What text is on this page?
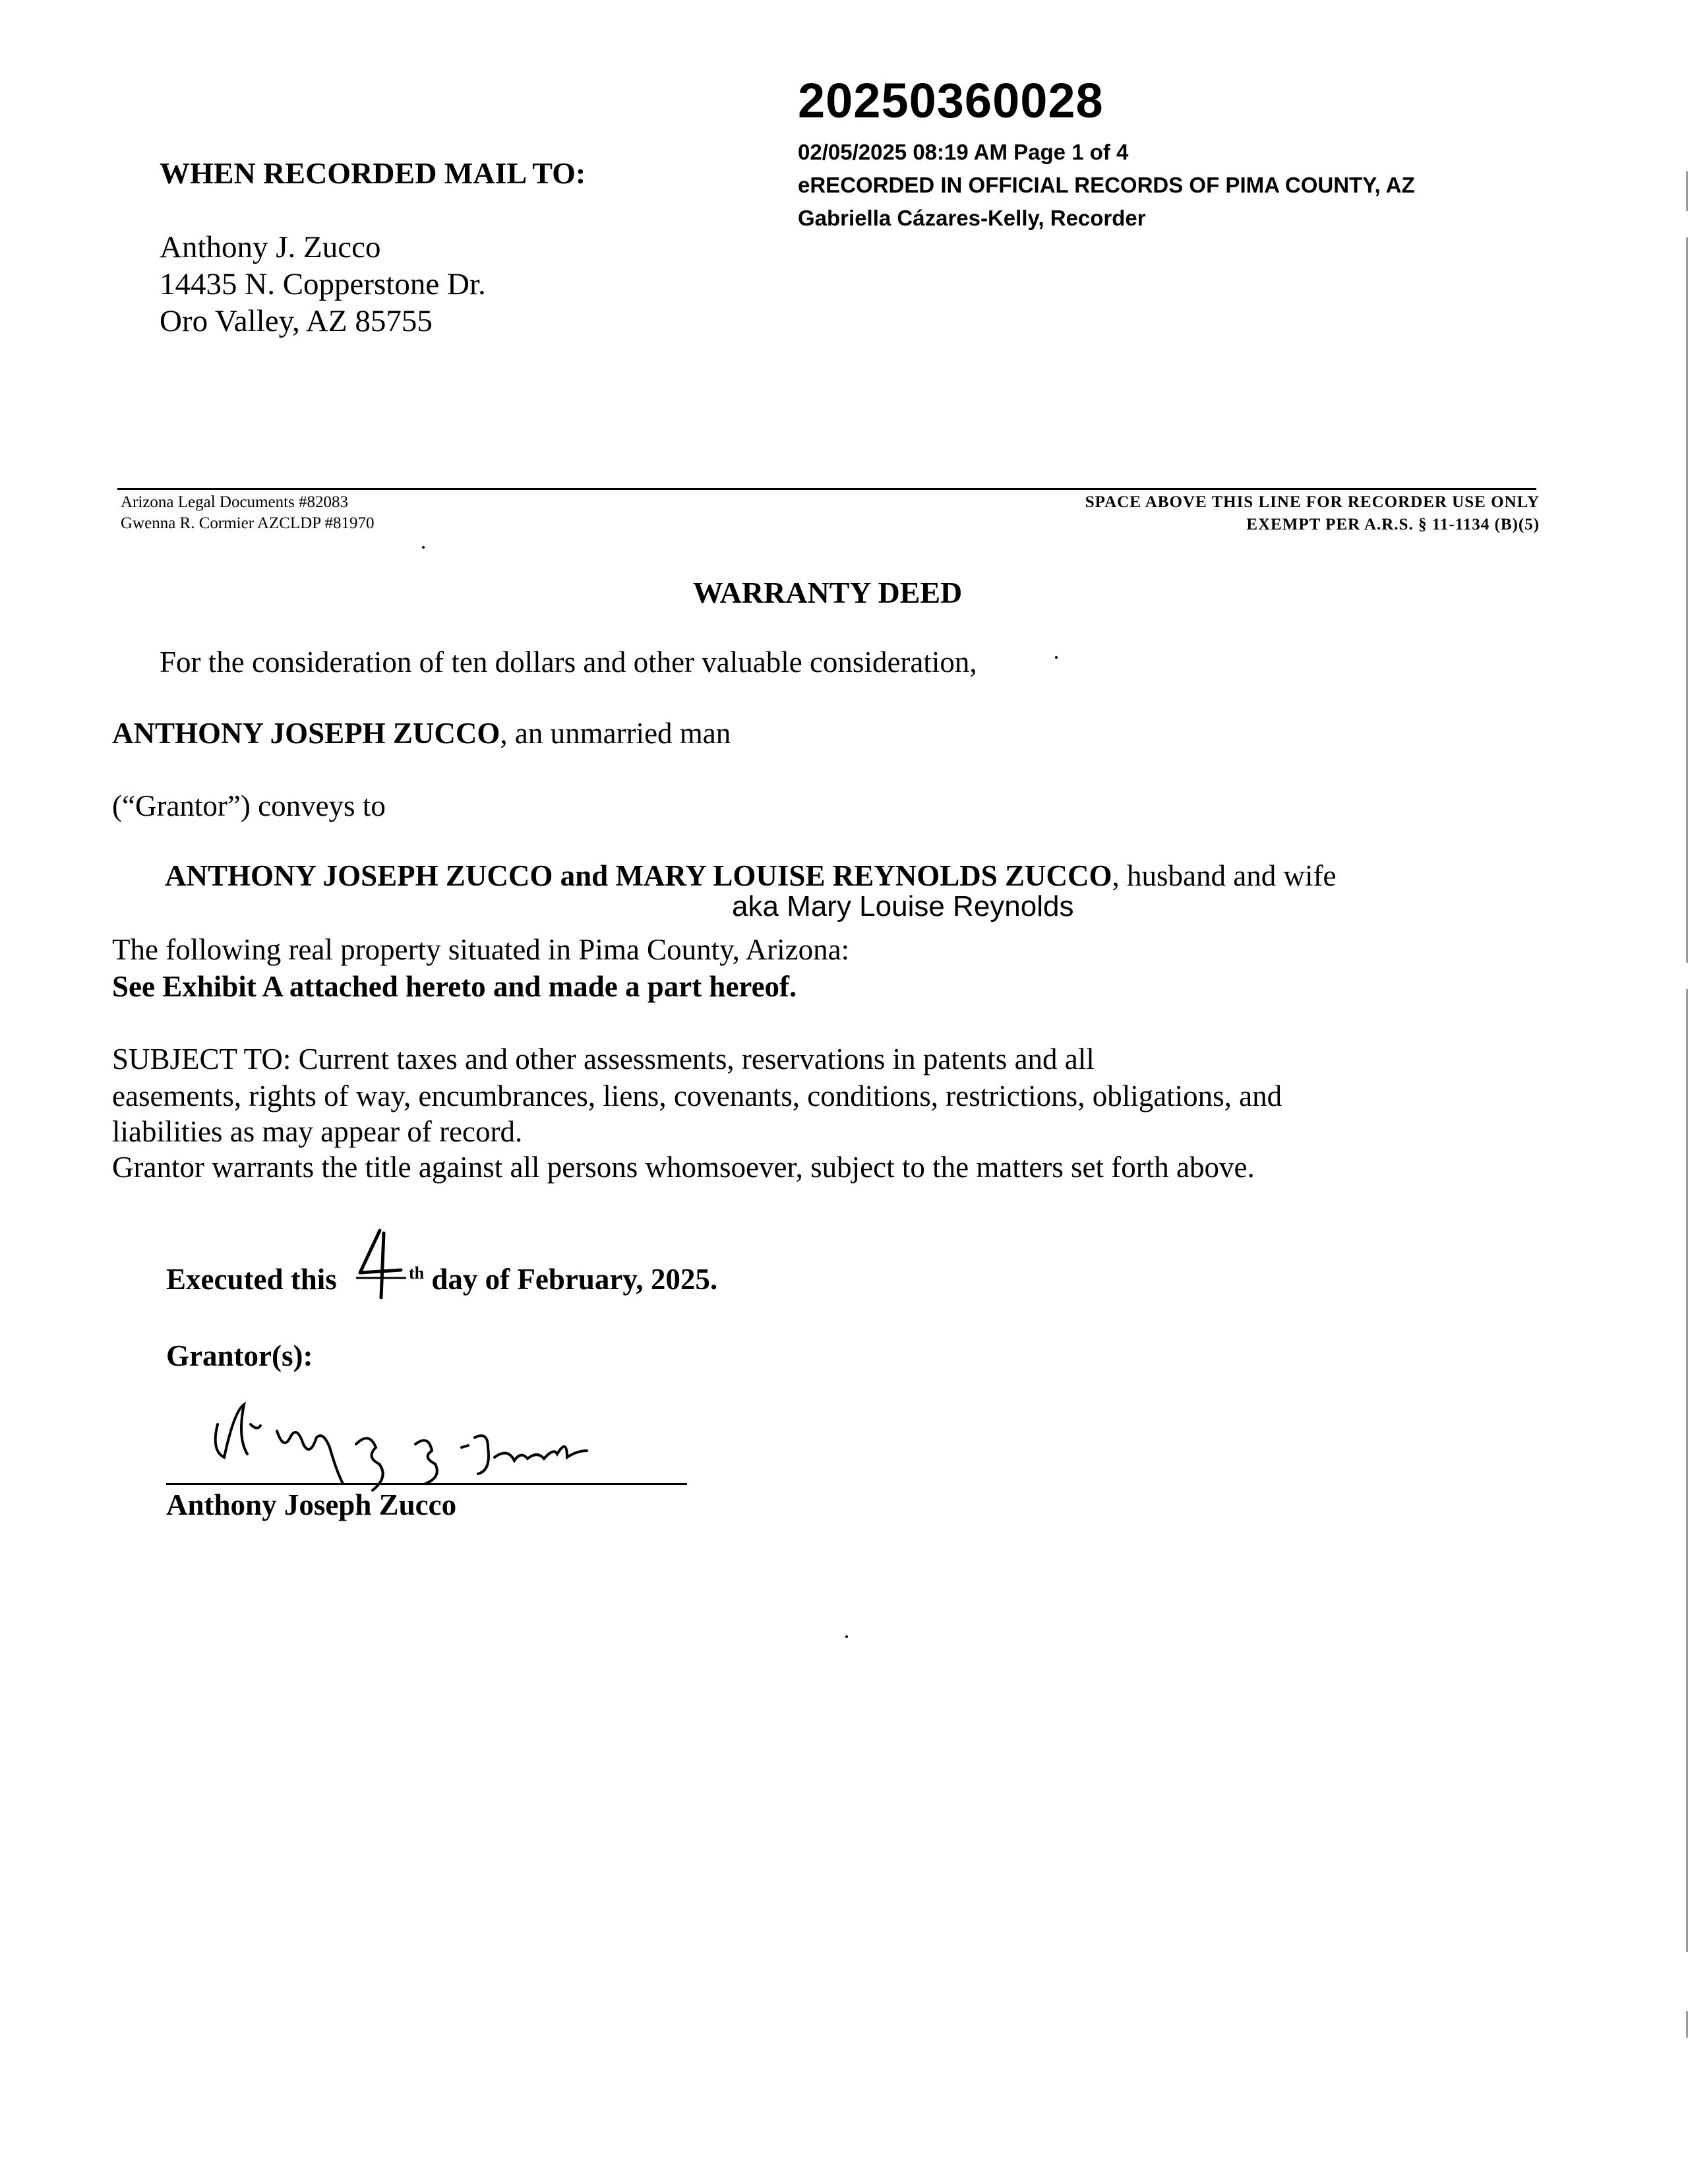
20250360028
02/05/2025 08:19 AM Page 1 of 4
eRECORDED IN OFFICIAL RECORDS OF PIMA COUNTY, AZ
Gabriella Cázares-Kelly, Recorder
WHEN RECORDED MAIL TO:
Anthony J. Zucco
14435 N. Copperstone Dr.
Oro Valley, AZ 85755
Arizona Legal Documents #82083
Gwenna R. Cormier AZCLDP #81970
SPACE ABOVE THIS LINE FOR RECORDER USE ONLY
EXEMPT PER A.R.S. § 11-1134 (B)(5)
WARRANTY DEED
For the consideration of ten dollars and other valuable consideration,
ANTHONY JOSEPH ZUCCO, an unmarried man
(“Grantor”) conveys to
ANTHONY JOSEPH ZUCCO and MARY LOUISE REYNOLDS ZUCCO, husband and wife
aka Mary Louise Reynolds
The following real property situated in Pima County, Arizona:
See Exhibit A attached hereto and made a part hereof.
SUBJECT TO: Current taxes and other assessments, reservations in patents and all
easements, rights of way, encumbrances, liens, covenants, conditions, restrictions, obligations, and
liabilities as may appear of record.
Grantor warrants the title against all persons whomsoever, subject to the matters set forth above.
Executed this	$^{th}$ day of February, 2025.
Grantor(s):
Anthony Joseph Zucco
